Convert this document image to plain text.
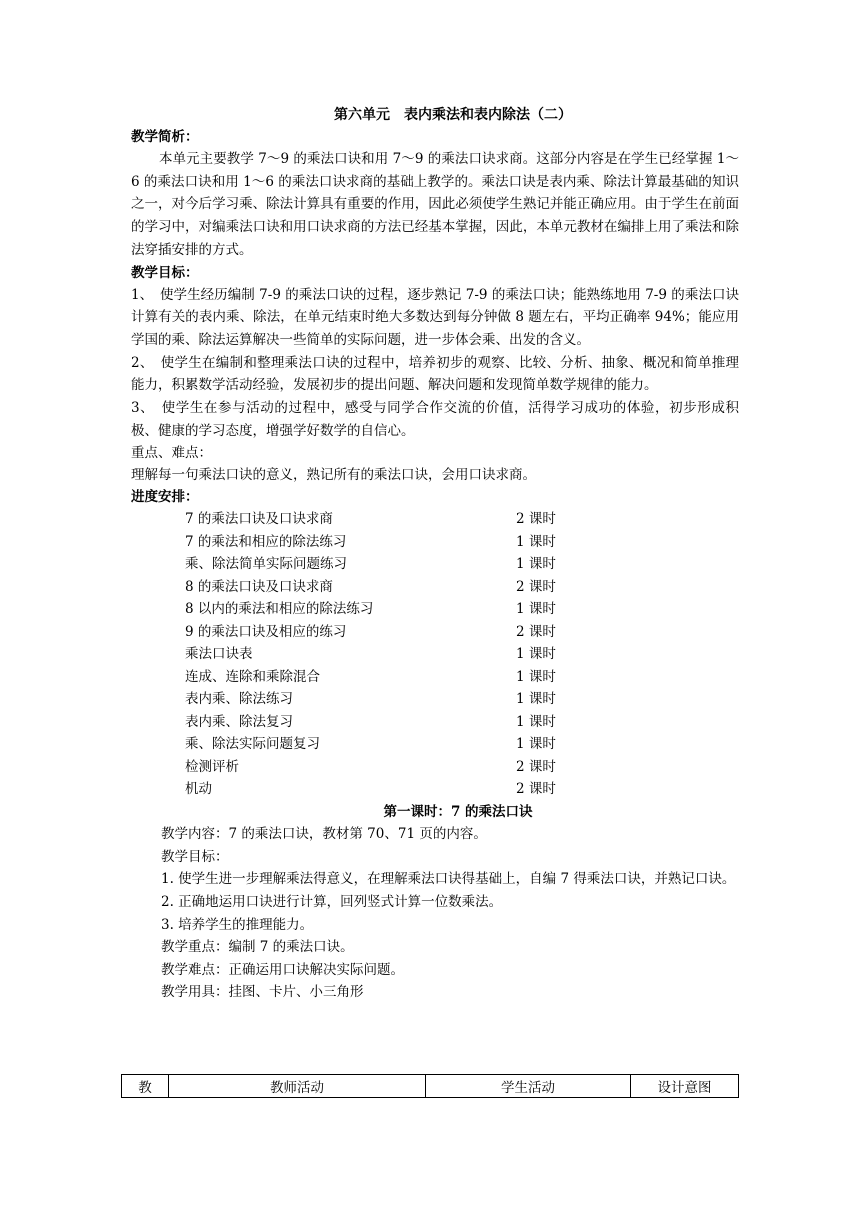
第六单元　表内乘法和表内除法（二）
教学简析：
本单元主要教学 7～9 的乘法口诀和用 7～9 的乘法口诀求商。这部分内容是在学生已经掌握 1～6 的乘法口诀和用 1～6 的乘法口诀求商的基础上教学的。乘法口诀是表内乘、除法计算最基础的知识之一，对今后学习乘、除法计算具有重要的作用，因此必须使学生熟记并能正确应用。由于学生在前面的学习中，对编乘法口诀和用口诀求商的方法已经基本掌握，因此，本单元教材在编排上用了乘法和除法穿插安排的方式。
教学目标：
1、　使学生经历编制 7-9 的乘法口诀的过程，逐步熟记 7-9 的乘法口诀；能熟练地用 7-9 的乘法口诀计算有关的表内乘、除法，在单元结束时绝大多数达到每分钟做 8 题左右，平均正确率 94%；能应用学国的乘、除法运算解决一些简单的实际问题，进一步体会乘、出发的含义。
2、　使学生在编制和整理乘法口诀的过程中，培养初步的观察、比较、分析、抽象、概况和简单推理能力，积累数学活动经验，发展初步的提出问题、解决问题和发现简单数学规律的能力。
3、　使学生在参与活动的过程中，感受与同学合作交流的价值，活得学习成功的体验，初步形成积极、健康的学习态度，增强学好数学的自信心。
重点、难点：
理解每一句乘法口诀的意义，熟记所有的乘法口诀，会用口诀求商。
进度安排：
7 的乘法口诀及口诀求商	2 课时
7 的乘法和相应的除法练习	1 课时
乘、除法简单实际问题练习	1 课时
8 的乘法口诀及口诀求商	2 课时
8 以内的乘法和相应的除法练习	1 课时
9 的乘法口诀及相应的练习	2 课时
乘法口诀表	1 课时
连成、连除和乘除混合	1 课时
表内乘、除法练习	1 课时
表内乘、除法复习	1 课时
乘、除法实际问题复习	1 课时
检测评析	2 课时
机动	2 课时
第一课时：7 的乘法口诀
教学内容：7 的乘法口诀，教材第 70、71 页的内容。
教学目标：
1. 使学生进一步理解乘法得意义，在理解乘法口诀得基础上，自编 7 得乘法口诀，并熟记口诀。
2. 正确地运用口诀进行计算，回列竖式计算一位数乘法。
3. 培养学生的推理能力。
教学重点：编制 7 的乘法口诀。
教学难点：正确运用口诀解决实际问题。
教学用具：挂图、卡片、小三角形
教	教师活动	学生活动	设计意图
